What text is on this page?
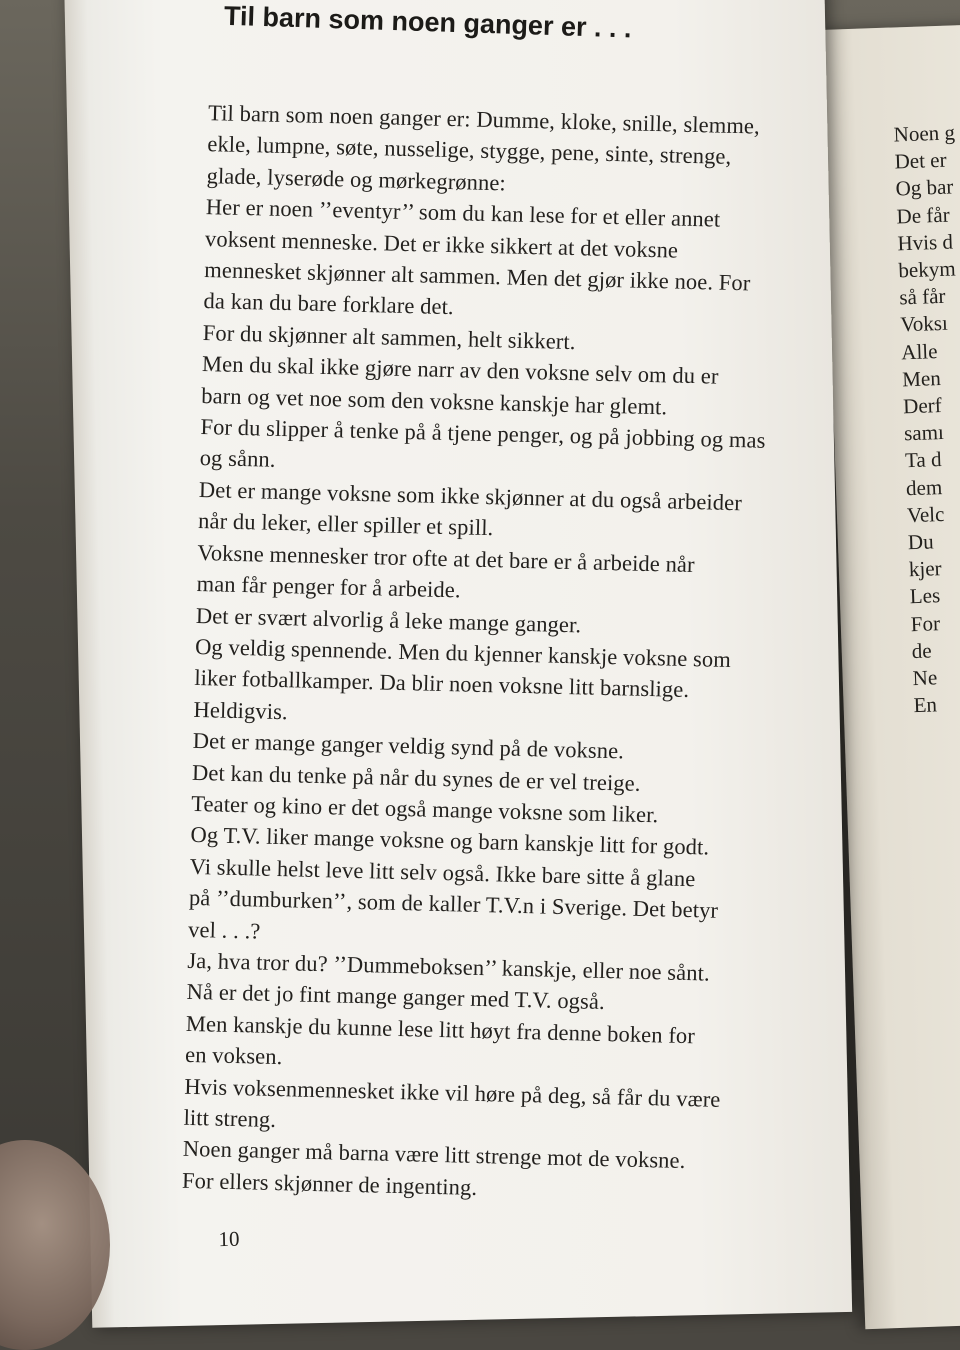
Noen g
Det er
Og bar
De får
Hvis d
bekym
så får
Voksı
Alle
Men
Derf
samı
Ta d
dem
Velc
Du
kjer
Les
For
de
Ne
En
Til barn som noen ganger er . . .
Til barn som noen ganger er: Dumme, kloke, snille, slemme,
ekle, lumpne, søte, nusselige, stygge, pene, sinte, strenge,
glade, lyserøde og mørkegrønne:
Her er noen ’’eventyr’’ som du kan lese for et eller annet
voksent menneske. Det er ikke sikkert at det voksne
mennesket skjønner alt sammen. Men det gjør ikke noe. For
da kan du bare forklare det.
For du skjønner alt sammen, helt sikkert.
Men du skal ikke gjøre narr av den voksne selv om du er
barn og vet noe som den voksne kanskje har glemt.
For du slipper å tenke på å tjene penger, og på jobbing og mas
og sånn.
Det er mange voksne som ikke skjønner at du også arbeider
når du leker, eller spiller et spill.
Voksne mennesker tror ofte at det bare er å arbeide når
man får penger for å arbeide.
Det er svært alvorlig å leke mange ganger.
Og veldig spennende. Men du kjenner kanskje voksne som
liker fotballkamper. Da blir noen voksne litt barnslige.
Heldigvis.
Det er mange ganger veldig synd på de voksne.
Det kan du tenke på når du synes de er vel treige.
Teater og kino er det også mange voksne som liker.
Og T.V. liker mange voksne og barn kanskje litt for godt.
Vi skulle helst leve litt selv også. Ikke bare sitte å glane
på ’’dumburken’’, som de kaller T.V.n i Sverige. Det betyr
vel . . .?
Ja, hva tror du? ’’Dummeboksen’’ kanskje, eller noe sånt.
Nå er det jo fint mange ganger med T.V. også.
Men kanskje du kunne lese litt høyt fra denne boken for
en voksen.
Hvis voksenmennesket ikke vil høre på deg, så får du være
litt streng.
Noen ganger må barna være litt strenge mot de voksne.
For ellers skjønner de ingenting.
10
